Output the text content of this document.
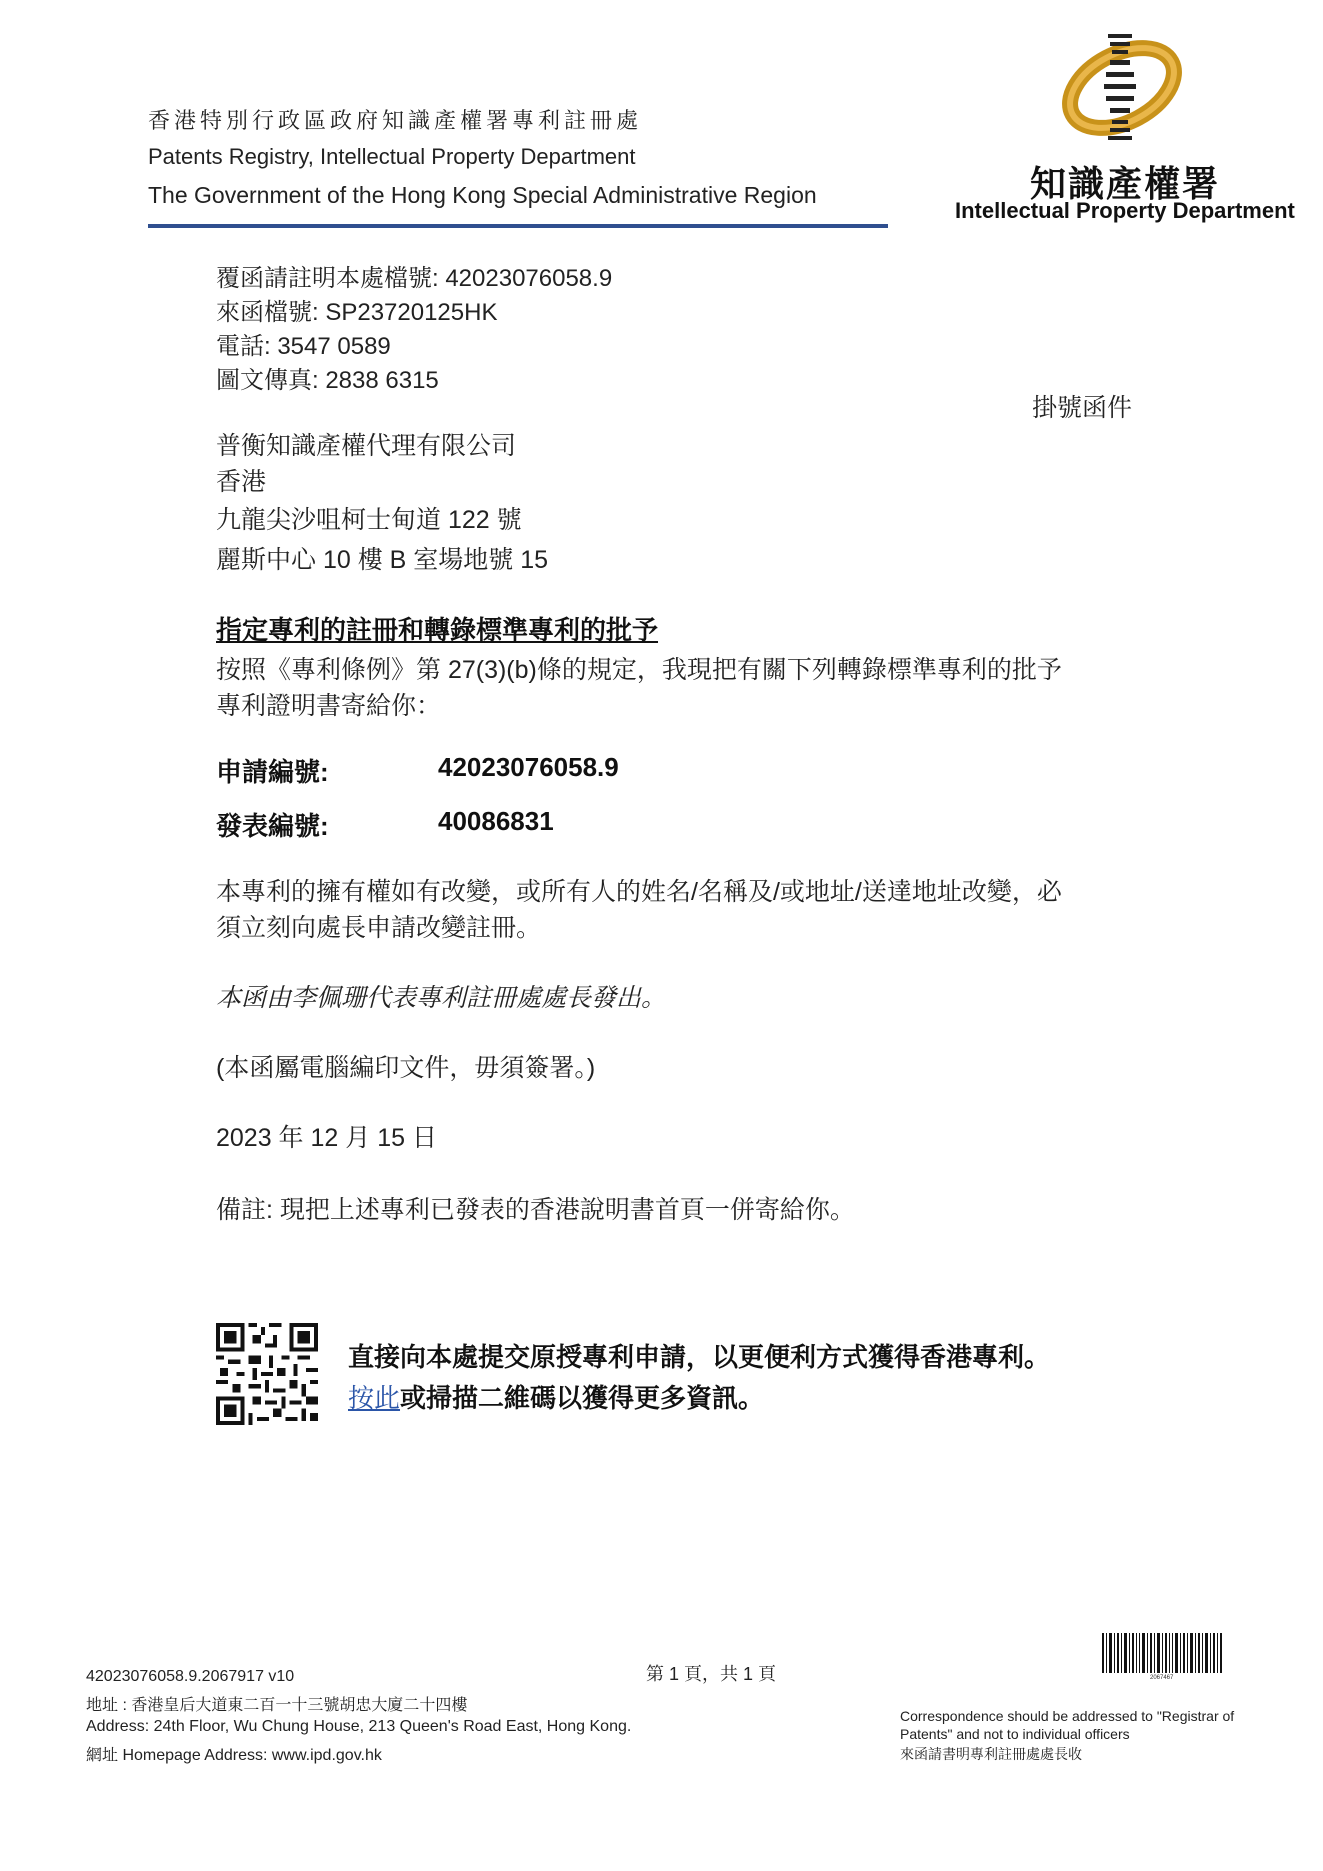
香港特別行政區政府知識產權署專利註冊處
Patents Registry, Intellectual Property Department
The Government of the Hong Kong Special Administrative Region	知識產權署
Intellectual Property Department
覆函請註明本處檔號: 42023076058.9
來函檔號: SP23720125HK
電話: 3547 0589
圖文傳真: 2838 6315
掛號函件
普衡知識產權代理有限公司
香港
九龍尖沙咀柯士甸道 122 號
麗斯中心 10 樓 B 室場地號 15
指定專利的註冊和轉錄標準專利的批予
按照《專利條例》第 27(3)(b)條的規定，我現把有關下列轉錄標準專利的批予
專利證明書寄給你：
申請編號:	42023076058.9
發表編號:	40086831
本專利的擁有權如有改變，或所有人的姓名/名稱及/或地址/送達地址改變，必
須立刻向處長申請改變註冊。
本函由李佩珊代表專利註冊處處長發出。
(本函屬電腦編印文件，毋須簽署。)
2023 年 12 月 15 日
備註: 現把上述專利已發表的香港說明書首頁一併寄給你。
直接向本處提交原授專利申請，以更便利方式獲得香港專利。
按此或掃描二維碼以獲得更多資訊。
42023076058.9.2067917 v10
地址 : 香港皇后大道東二百一十三號胡忠大廈二十四樓
Address: 24th Floor, Wu Chung House, 213 Queen's Road East, Hong Kong.
網址 Homepage Address: www.ipd.gov.hk
第 1 頁，共 1 頁	2067467
Correspondence should be addressed to "Registrar of
Patents" and not to individual officers
來函請書明專利註冊處處長收
